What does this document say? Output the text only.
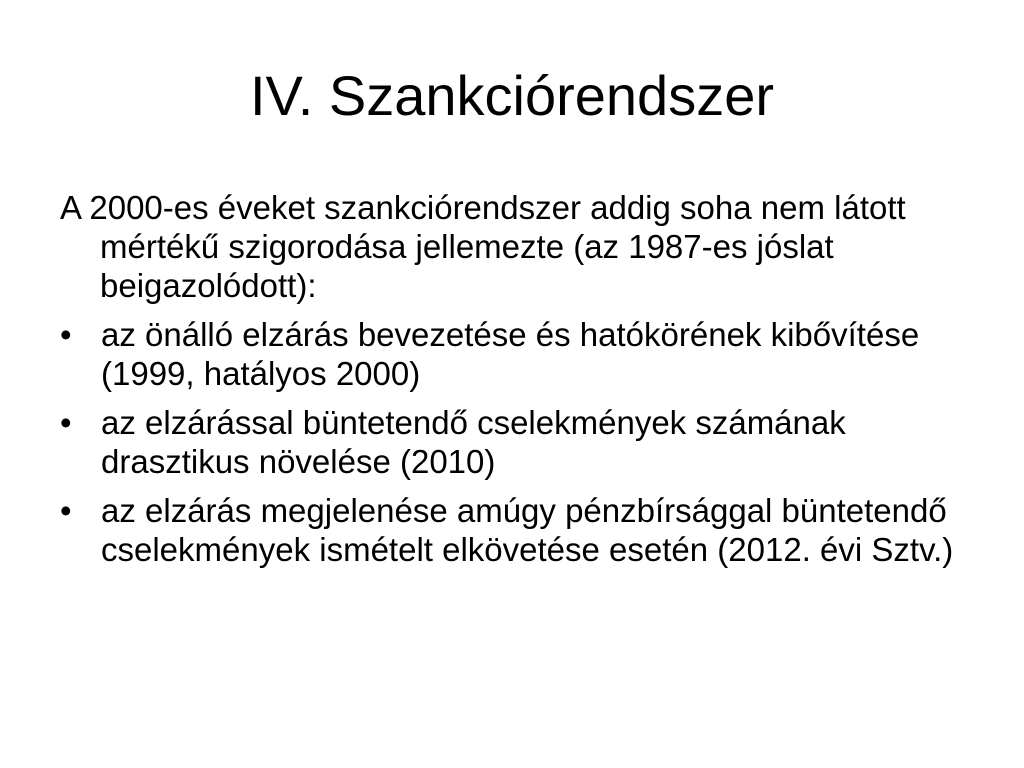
IV. Szankciórendszer

A 2000-es éveket szankciórendszer addig soha nem látott mértékű szigorodása jellemezte (az 1987-es jóslat beigazolódott):

• az önálló elzárás bevezetése és hatókörének kibővítése (1999, hatályos 2000)
• az elzárással büntetendő cselekmények számának drasztikus növelése (2010)
• az elzárás megjelenése amúgy pénzbírsággal büntetendő cselekmények ismételt elkövetése esetén (2012. évi Sztv.)
